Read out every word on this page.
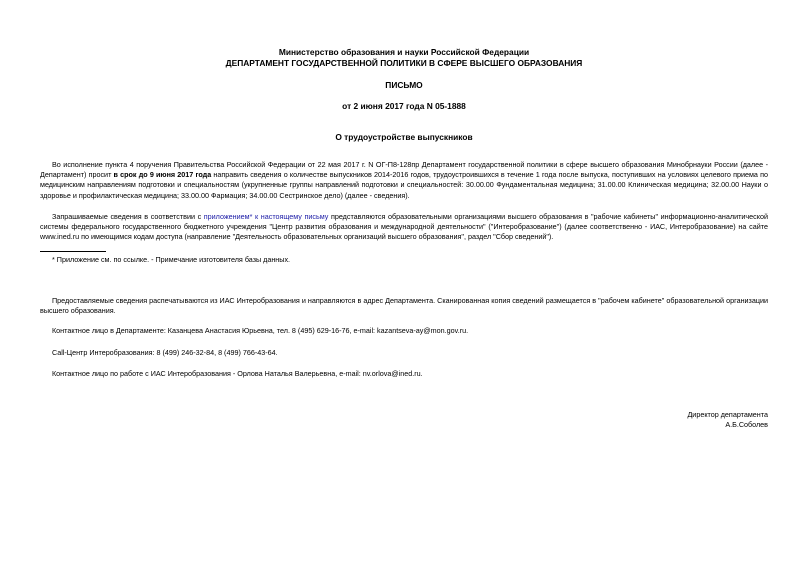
Министерство образования и науки Российской Федерации
ДЕПАРТАМЕНТ ГОСУДАРСТВЕННОЙ ПОЛИТИКИ В СФЕРЕ ВЫСШЕГО ОБРАЗОВАНИЯ
ПИСЬМО
от 2 июня 2017 года N 05-1888
О трудоустройстве выпускников

Во исполнение пункта 4 поручения Правительства Российской Федерации от 22 мая 2017 г. N ОГ-П8-128пр Департамент государственной политики в сфере высшего образования Минобрнауки России (далее - Департамент) просит в срок до 9 июня 2017 года направить сведения о количестве выпускников 2014-2016 годов, трудоустроившихся в течение 1 года после выпуска, поступивших на условиях целевого приема по медицинским направлениям подготовки и специальностям (укрупненные группы направлений подготовки и специальностей: 30.00.00 Фундаментальная медицина; 31.00.00 Клиническая медицина; 32.00.00 Науки о здоровье и профилактическая медицина; 33.00.00 Фармация; 34.00.00 Сестринское дело) (далее - сведения).

Запрашиваемые сведения в соответствии с приложением* к настоящему письму представляются образовательными организациями высшего образования в "рабочие кабинеты" информационно-аналитической системы федерального государственного бюджетного учреждения "Центр развития образования и международной деятельности" ("Интеробразование") (далее соответственно - ИАС, Интеробразование) на сайте www.ined.ru по имеющимся кодам доступа (направление "Деятельность образовательных организаций высшего образования", раздел "Сбор сведений").

* Приложение см. по ссылке. - Примечание изготовителя базы данных.

Предоставляемые сведения распечатываются из ИАС Интеробразования и направляются в адрес Департамента. Сканированная копия сведений размещается в "рабочем кабинете" образовательной организации высшего образования.

Контактное лицо в Департаменте: Казанцева Анастасия Юрьевна, тел. 8 (495) 629-16-76, e-mail: kazantseva-ay@mon.gov.ru.
Call-Центр Интеробразования: 8 (499) 246-32-84, 8 (499) 766-43-64.
Контактное лицо по работе с ИАС Интеробразования - Орлова Наталья Валерьевна, e-mail: nv.orlova@ined.ru.
Директор департамента
А.Б.Соболев
